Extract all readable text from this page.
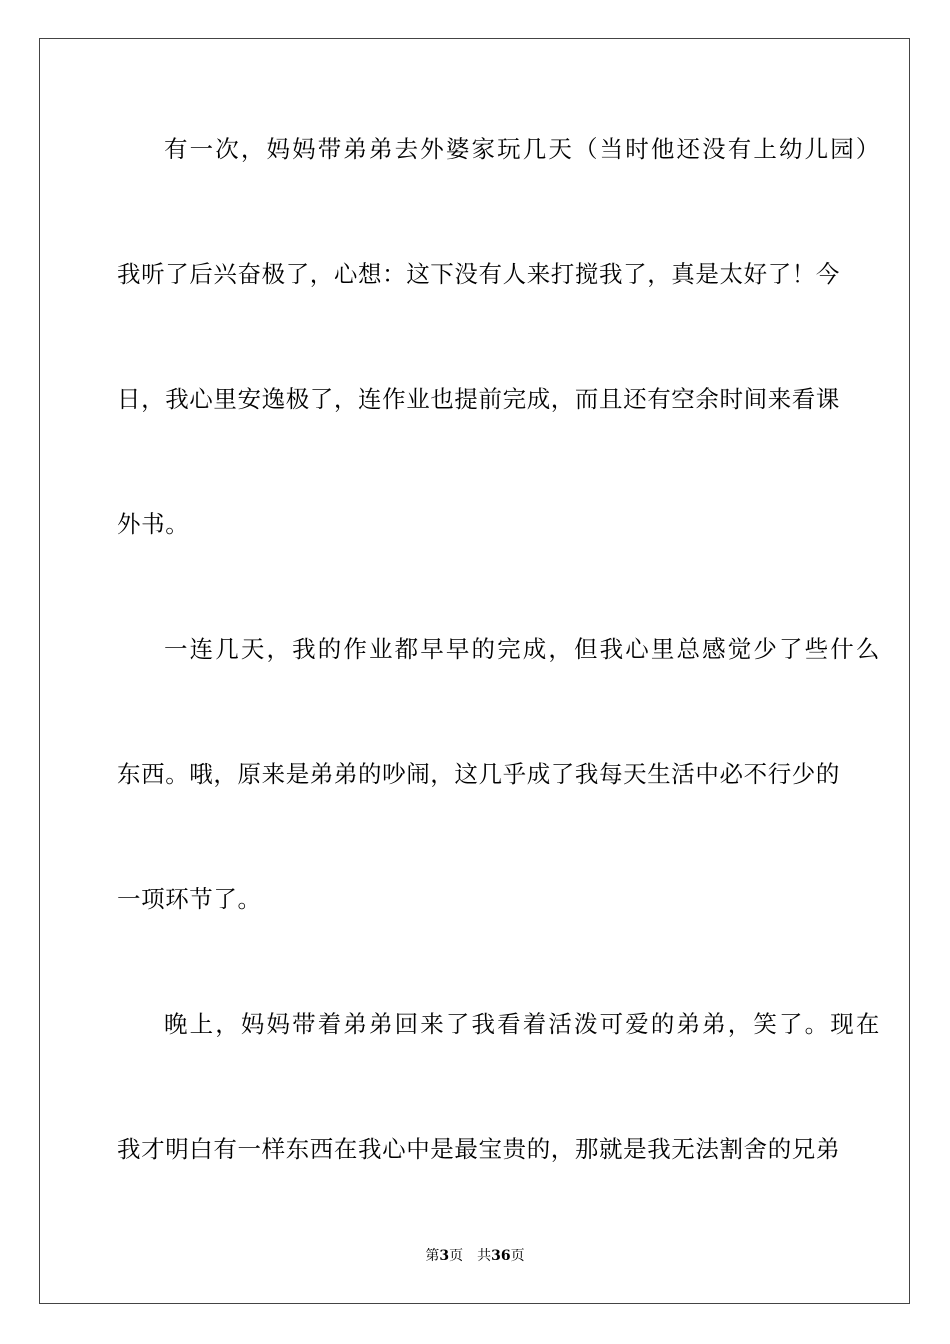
有一次，妈妈带弟弟去外婆家玩几天（当时他还没有上幼儿园）
我听了后兴奋极了，心想：这下没有人来打搅我了，真是太好了！今
日，我心里安逸极了，连作业也提前完成，而且还有空余时间来看课
外书。
一连几天，我的作业都早早的完成，但我心里总感觉少了些什么
东西。哦，原来是弟弟的吵闹，这几乎成了我每天生活中必不行少的
一项环节了。
晚上，妈妈带着弟弟回来了我看着活泼可爱的弟弟，笑了。现在
我才明白有一样东西在我心中是最宝贵的，那就是我无法割舍的兄弟
第3页 共36页
